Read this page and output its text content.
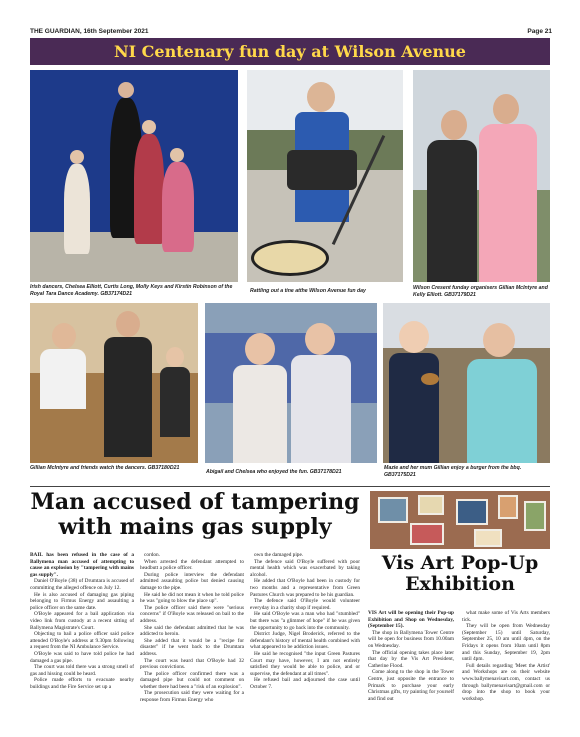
THE GUARDIAN, 16th September 2021	Page 21
NI Centenary fun day at Wilson Avenue
Irish dancers, Chelsea Elliott, Curtis Long, Molly Keys and Kirstin Robinson of the Royal Tara Dance Academy. GB37174D21	Rattling out a tine atthe Wilson Avenue fun day	Wilson Cresent funday organisers Gillian McIntyre and Kelly Elliott. GB37179D21
Gillian McIntyre and friends watch the dancers. GB37180D21
Abigail and Chelsea who enjoyed the fun. GB37178D21
Mazie and her mum Gillian enjoy a burger from the bbq. GB37175D21
Man accused of tampering with mains gas supply

BAIL has been refused in the case of a Ballymena man accused of attempting to cause an explosion by "tampering with mains gas supply".

Daniel O'Boyle (38) of Drumtara is accused of committing the alleged offence on July 12.

He is also accused of damaging gas piping belonging to Firmus Energy and assaulting a police officer on the same date.

O'Boyle appeared for a bail application via video link from custody at a recent sitting of Ballymena Magistrate's Court.

Objecting to bail a police officer said police attended O'Boyle's address at 9.30pm following a request from the NI Ambulance Service.

O'Boyle was said to have told police he had damaged a gas pipe.

The court was told there was a strong smell of gas and hissing could be heard.

Police made efforts to evacuate nearby buildings and the Fire Service set up a

cordon.

When arrested the defendant attempted to headbutt a police officer.

During police interview the defendant admitted assaulting police but denied causing damage to the pipe.

He said he did not mean it when he told police he was "going to blow the place up".

The police officer said there were "serious concerns" if O'Boyle was released on bail to the address.

She said the defendant admitted that he was addicted to heroin.

She added that it would be a "recipe for disaster" if he went back to the Drumtara address.

The court was heard that O'Boyle had 32 previous convictions.

The police officer confirmed there was a damaged pipe but could not comment on whether there had been a "risk of an explosion".

The prosecution said they were waiting for a response from Firmus Energy who

own the damaged pipe.

The defence said O'Boyle suffered with poor mental health which was exacerbated by taking alcohol.

He added that O'Boyle had been in custody for two months and a representative from Green Pastures Church was prepared to be his guardian.

The defence said O'Boyle would volunteer everyday in a charity shop if required.

He said O'Boyle was a man who had "stumbled" but there was "a glimmer of hope" if he was given the opportunity to go back into the community.

District Judge, Nigel Broderick, referred to the defendant's history of mental health combined with what appeared to be addiction issues.

He said he recognised "the input Green Pastures Court may have, however, I am not entirely satisfied they would be able to police, and or supervise, the defendant at all times".

He refused bail and adjourned the case until October 7.

Vis Art Pop-Up Exhibition

VIS Art will be opening their Pop-up Exhibition and Shop on Wednesday, (September 15).

The shop in Ballymena Tower Centre will be open for business from 10.00am on Wednesday.

The official opening takes place later that day by the Vis Art President, Catherine Flood.

Come along to the shop in the Tower Centre, just opposite the entrance to Primark to purchase your early Christmas gifts, try painting for yourself and find out

what make some of Vis Arts members tick.

They will be open from Wednesday (September 15) until Saturday, September 25, 10 am until 4pm, on the Fridays it opens from 10am until 8pm and this Sunday, September 19, 2pm until 4pm.

Full details regarding 'Meet the Artist' and Workshops are on their website www.ballymenavisart.com, contact us through ballymenavisart@gmail.com or drop into the shop to book your workshop.
